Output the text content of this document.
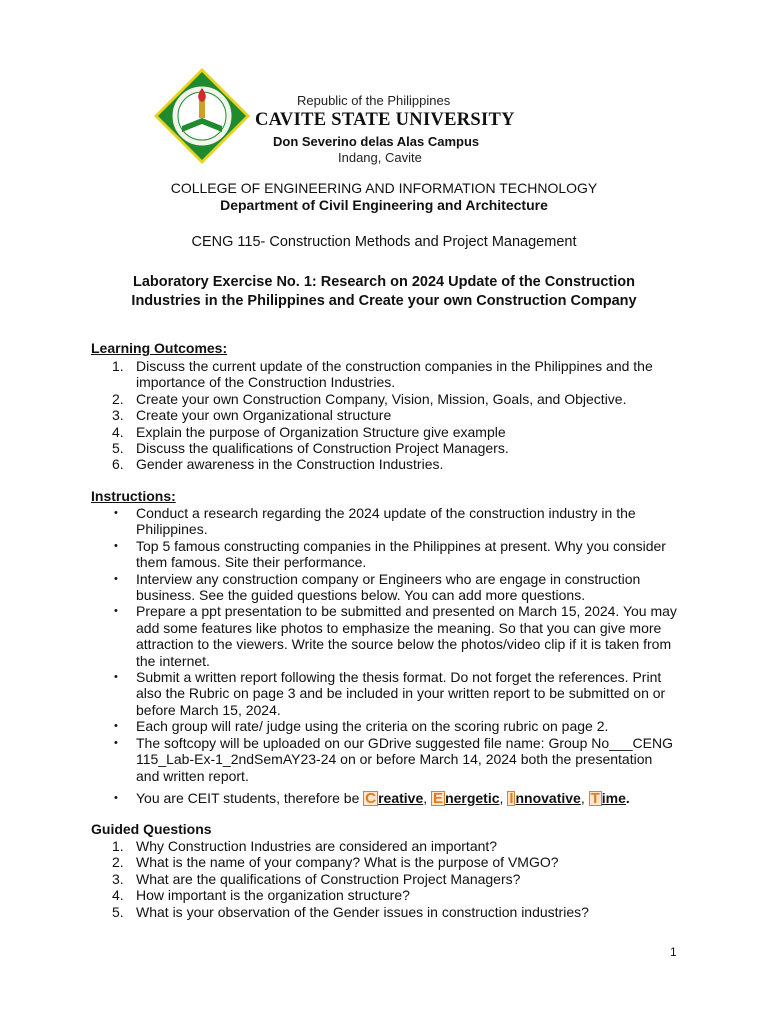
Republic of the Philippines
CAVITE STATE UNIVERSITY
Don Severino delas Alas Campus
Indang, Cavite
COLLEGE OF ENGINEERING AND INFORMATION TECHNOLOGY
Department of Civil Engineering and Architecture
CENG 115- Construction Methods and Project Management
Laboratory Exercise No. 1: Research on 2024 Update of the Construction
Industries in the Philippines and Create your own Construction Company
Learning Outcomes:
1. Discuss the current update of the construction companies in the Philippines and the importance of the Construction Industries.
2. Create your own Construction Company, Vision, Mission, Goals, and Objective.
3. Create your own Organizational structure
4. Explain the purpose of Organization Structure give example
5. Discuss the qualifications of Construction Project Managers.
6. Gender awareness in the Construction Industries.
Instructions:
• Conduct a research regarding the 2024 update of the construction industry in the Philippines.
• Top 5 famous constructing companies in the Philippines at present. Why you consider them famous. Site their performance.
• Interview any construction company or Engineers who are engage in construction business. See the guided questions below. You can add more questions.
• Prepare a ppt presentation to be submitted and presented on March 15, 2024. You may add some features like photos to emphasize the meaning. So that you can give more attraction to the viewers. Write the source below the photos/video clip if it is taken from the internet.
• Submit a written report following the thesis format. Do not forget the references. Print also the Rubric on page 3 and be included in your written report to be submitted on or before March 15, 2024.
• Each group will rate/ judge using the criteria on the scoring rubric on page 2.
• The softcopy will be uploaded on our GDrive suggested file name: Group No___CENG 115_Lab-Ex-1_2ndSemAY23-24 on or before March 14, 2024 both the presentation and written report.
• You are CEIT students, therefore be C reative, E nergetic, I nnovative, T ime.
Guided Questions
1. Why Construction Industries are considered an important?
2. What is the name of your company? What is the purpose of VMGO?
3. What are the qualifications of Construction Project Managers?
4. How important is the organization structure?
5. What is your observation of the Gender issues in construction industries?
1
